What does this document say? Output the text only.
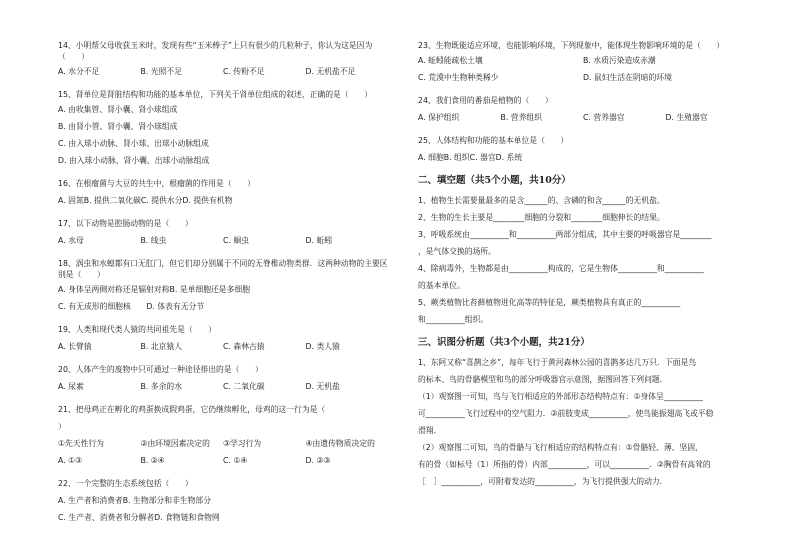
14、小明帮父母收获玉米时，发现有些“玉米棒子”上只有很少的几粒种子，你认为这是因为（　　）
A. 水分不足	B. 光照不足	C. 传粉不足	D. 无机盐不足
15、肾单位是肾脏结构和功能的基本单位，下列关于肾单位组成的叙述，正确的是（　　）
A. 由收集管、肾小囊、肾小球组成
B. 由肾小管、肾小囊、肾小球组成
C. 由入球小动脉、肾小球、出球小动脉组成
D. 由入球小动脉、肾小囊、出球小动脉组成
16、在根瘤菌与大豆的共生中，根瘤菌的作用是（　　）
A. 固氮B. 提供二氧化碳C. 提供水分D. 提供有机物
17、以下动物是腔肠动物的是（　　）
A. 水母	B. 线虫	C. 蛔虫	D. 蚯蚓
18、涡虫和水螅都有口无肛门，但它们却分别属于不同的无脊椎动物类群．这两种动物的主要区别是（　　）
A. 身体呈两侧对称还是辐射对称B. 是单细胞还是多细胞
C. 有无成形的细胞核　　D. 体表有无分节
19、人类和现代类人猿的共同祖先是（　　）
A. 长臂猿	B. 北京猿人	C. 森林古猿	D. 类人猿
20、人体产生的废物中只可通过一种途径排出的是（　　）
A. 尿素	B. 多余的水	C. 二氧化碳	D. 无机盐
21、把母鸡正在孵化的鸡蛋换成假鸡蛋，它仍继续孵化，母鸡的这一行为是（
）
①先天性行为	②由环境因素决定的	③学习行为	④由遗传物质决定的
A. ①③	B. ②④	C. ①④	D. ②③
22、一个完整的生态系统包括（　　）
A. 生产者和消费者B. 生物部分和非生物部分
C. 生产者、消费者和分解者D. 食物链和食物网
23、生物既能适应环境，也能影响环境，下列现象中，能体现生物影响环境的是（　　）
A. 蚯蚓能疏松土壤	B. 水质污染造成赤潮
C. 荒漠中生物种类稀少	D. 鼠妇生活在阴暗的环境
24、我们食用的番茄是植物的（　　）
A. 保护组织	B. 营养组织	C. 营养器官	D. 生殖器官
25、人体结构和功能的基本单位是（　　）
A. 细胞B. 组织C. 器官D. 系统
二、填空题（共5个小题，共10分）
1、植物生长需要量最多的是含______的、含磷的和含______的无机盐。
2、生物的生长主要是________细胞的分裂和________细胞伸长的结果。
3、呼吸系统由__________和__________两部分组成，其中主要的呼吸器官是________
，是气体交换的场所。
4、除病毒外，生物都是由__________构成的，它是生物体__________和__________
的基本单位。
5、蕨类植物比苔藓植物进化高等的特征是，蕨类植物具有真正的__________
和__________组织。
三、识图分析题（共3个小题，共21分）
1、东阿又称“喜鹊之乡”，每年飞行于黄河森林公园的喜鹊多达几万只．下面是鸟
的标本、鸟的骨骼模型和鸟的部分呼吸器官示意图，据图回答下列问题．
（1）观察图一可知，鸟与飞行相适应的外部形态结构特点有：①身体呈__________
可__________飞行过程中的空气阻力．②前肢变成__________，使鸟能振翅高飞或平稳
滑翔．
（2）观察图二可知，鸟的骨骼与飞行相适应的结构特点有：①骨骼轻、薄、坚固，
有的骨（如标号（1）所指的骨）内部__________，可以__________．②胸骨有高耸的
［　］__________，可附着发达的__________，为飞行提供强大的动力．
